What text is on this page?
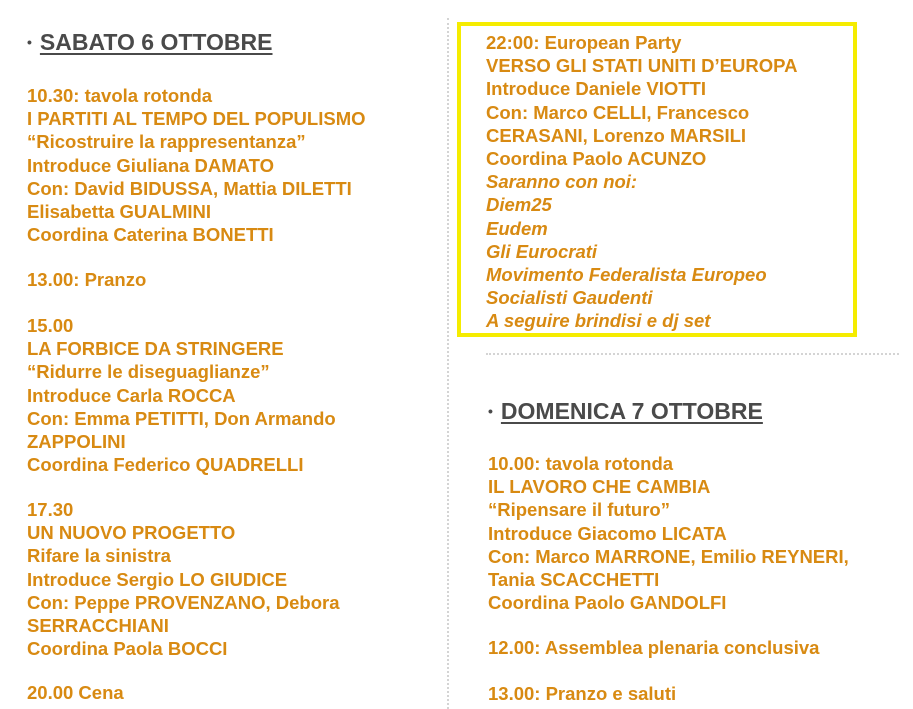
• SABATO 6 OTTOBRE
10.30: tavola rotonda
I PARTITI AL TEMPO DEL POPULISMO
“Ricostruire la rappresentanza”
Introduce Giuliana DAMATO
Con: David BIDUSSA, Mattia DILETTI
Elisabetta GUALMINI
Coordina Caterina BONETTI
13.00: Pranzo
15.00
LA FORBICE DA STRINGERE
“Ridurre le diseguaglianze”
Introduce Carla ROCCA
Con: Emma PETITTI, Don Armando
ZAPPOLINI
Coordina Federico QUADRELLI
17.30
UN NUOVO PROGETTO
Rifare la sinistra
Introduce Sergio LO GIUDICE
Con: Peppe PROVENZANO, Debora
SERRACCHIANI
Coordina Paola BOCCI
20.00 Cena
22:00: European Party
VERSO GLI STATI UNITI D’EUROPA
Introduce Daniele VIOTTI
Con: Marco CELLI, Francesco
CERASANI, Lorenzo MARSILI
Coordina Paolo ACUNZO
Saranno con noi:
Diem25
Eudem
Gli Eurocrati
Movimento Federalista Europeo
Socialisti Gaudenti
A seguire brindisi e dj set
• DOMENICA 7 OTTOBRE
10.00: tavola rotonda
IL LAVORO CHE CAMBIA
“Ripensare il futuro”
Introduce Giacomo LICATA
Con: Marco MARRONE, Emilio REYNERI,
Tania SCACCHETTI
Coordina Paolo GANDOLFI
12.00: Assemblea plenaria conclusiva
13.00: Pranzo e saluti
